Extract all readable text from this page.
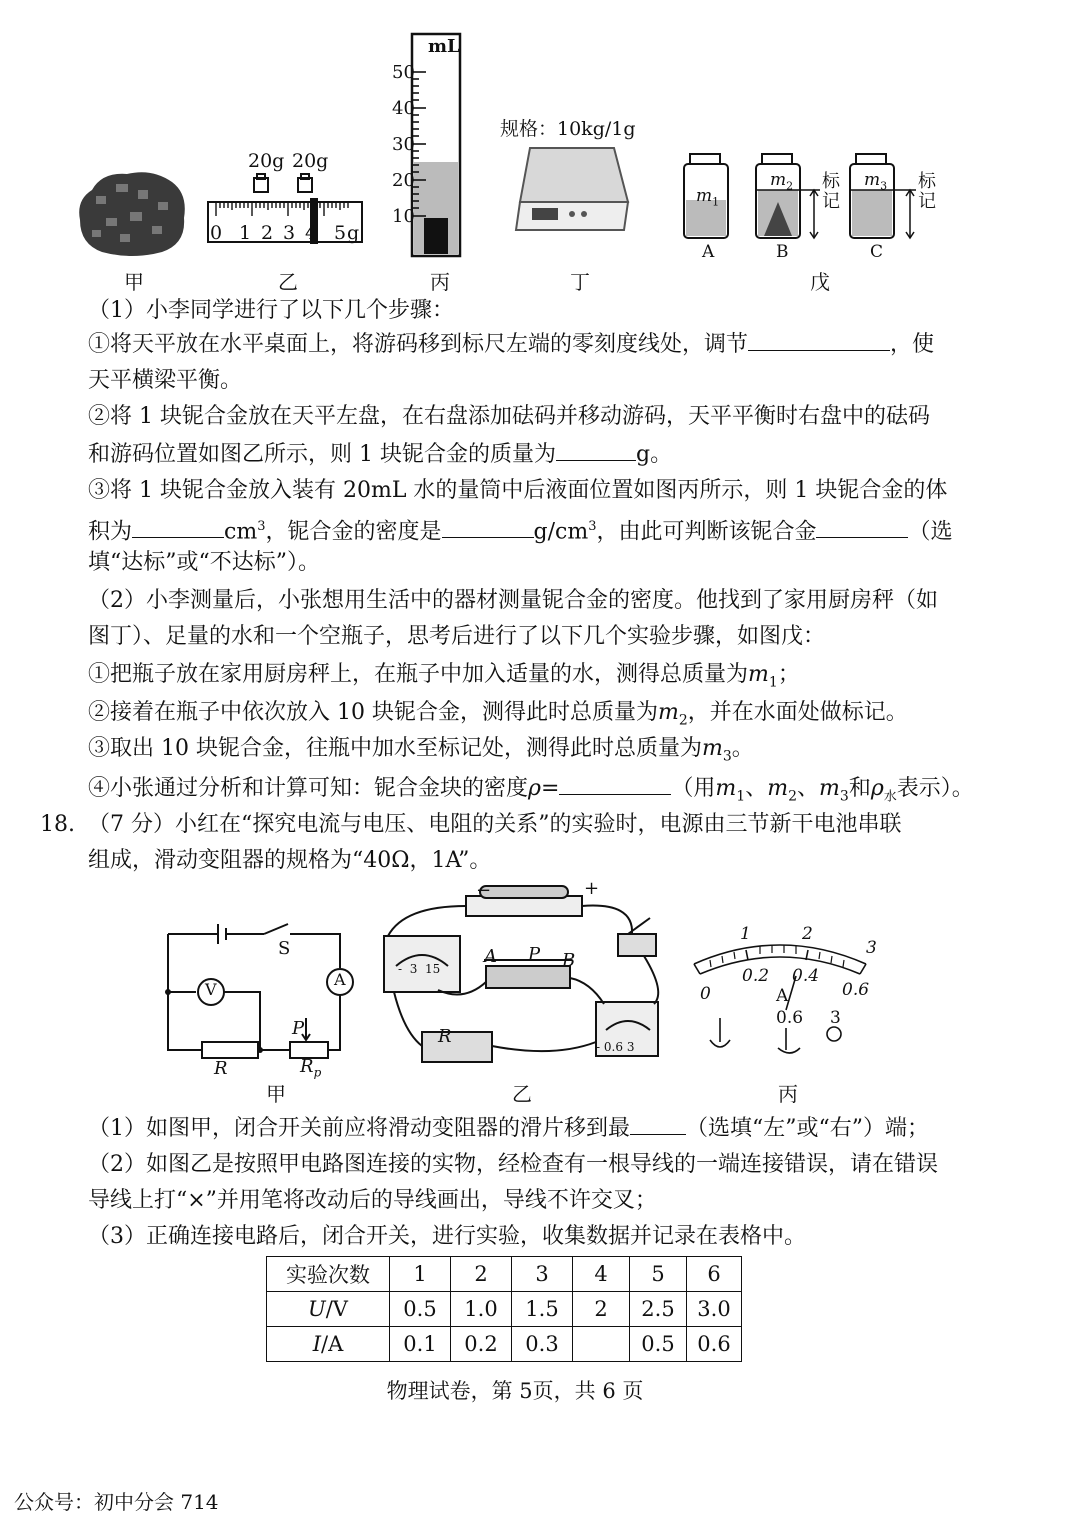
甲
20g 20g
0 1 2 3 4 5 g
乙
mL
50
40
30
20
10
丙
规格：10kg/1g
丁
$m_1$
$m_2$	$m_3$
标记
标记
A	B	C
戊
（1）小李同学进行了以下几个步骤：
①将天平放在水平桌面上，将游码移到标尺左端的零刻度线处，调节	，使
天平横梁平衡。
②将 1 块铌合金放在天平左盘，在右盘添加砝码并移动游码，天平平衡时右盘中的砝码
和游码位置如图乙所示，则 1 块铌合金的质量为	g。
③将 1 块铌合金放入装有 20mL 水的量筒中后液面位置如图丙所示，则 1 块铌合金的体
积为	$cm^3$，铌合金的密度是	$g/cm^3$，由此可判断该铌合金	（选
填“达标”或“不达标”）。
（2）小李测量后，小张想用生活中的器材测量铌合金的密度。他找到了家用厨房秤（如
图丁）、足量的水和一个空瓶子，思考后进行了以下几个实验步骤，如图戊：
①把瓶子放在家用厨房秤上，在瓶子中加入适量的水，测得总质量为$m_1$；
②接着在瓶子中依次放入 10 块铌合金，测得此时总质量为$m_2$，并在水面处做标记。
③取出 10 块铌合金，往瓶中加水至标记处，测得此时总质量为$m_3$。
④小张通过分析和计算可知：铌合金块的密度ρ=	（用$m_1$、$m_2$、$m_3$和$\rho_水$表示）。
18. （7 分）小红在“探究电流与电压、电阻的关系”的实验时，电源由三节新干电池串联
组成，滑动变阻器的规格为“40Ω，1A”。
S
V
A
P
R	$R_p$
甲
−	+
- 3 15
A P B
R	- 0.6 3
乙
1	2
3
0
0.2 0.4
0.6
A
0.6 3
丙
（1）如图甲，闭合开关前应将滑动变阻器的滑片移到最	（选填“左”或“右”）端；
（2）如图乙是按照甲电路图连接的实物，经检查有一根导线的一端连接错误，请在错误
导线上打“×”并用笔将改动后的导线画出，导线不许交叉；
（3）正确连接电路后，闭合开关，进行实验，收集数据并记录在表格中。
实验次数	1	2	3	4	5	6
U/V	0.5	1.0	1.5	2	2.5	3.0
I/A	0.1	0.2	0.3		0.5	0.6
物理试卷，第 5页，共 6 页
公众号：初中分会 714
